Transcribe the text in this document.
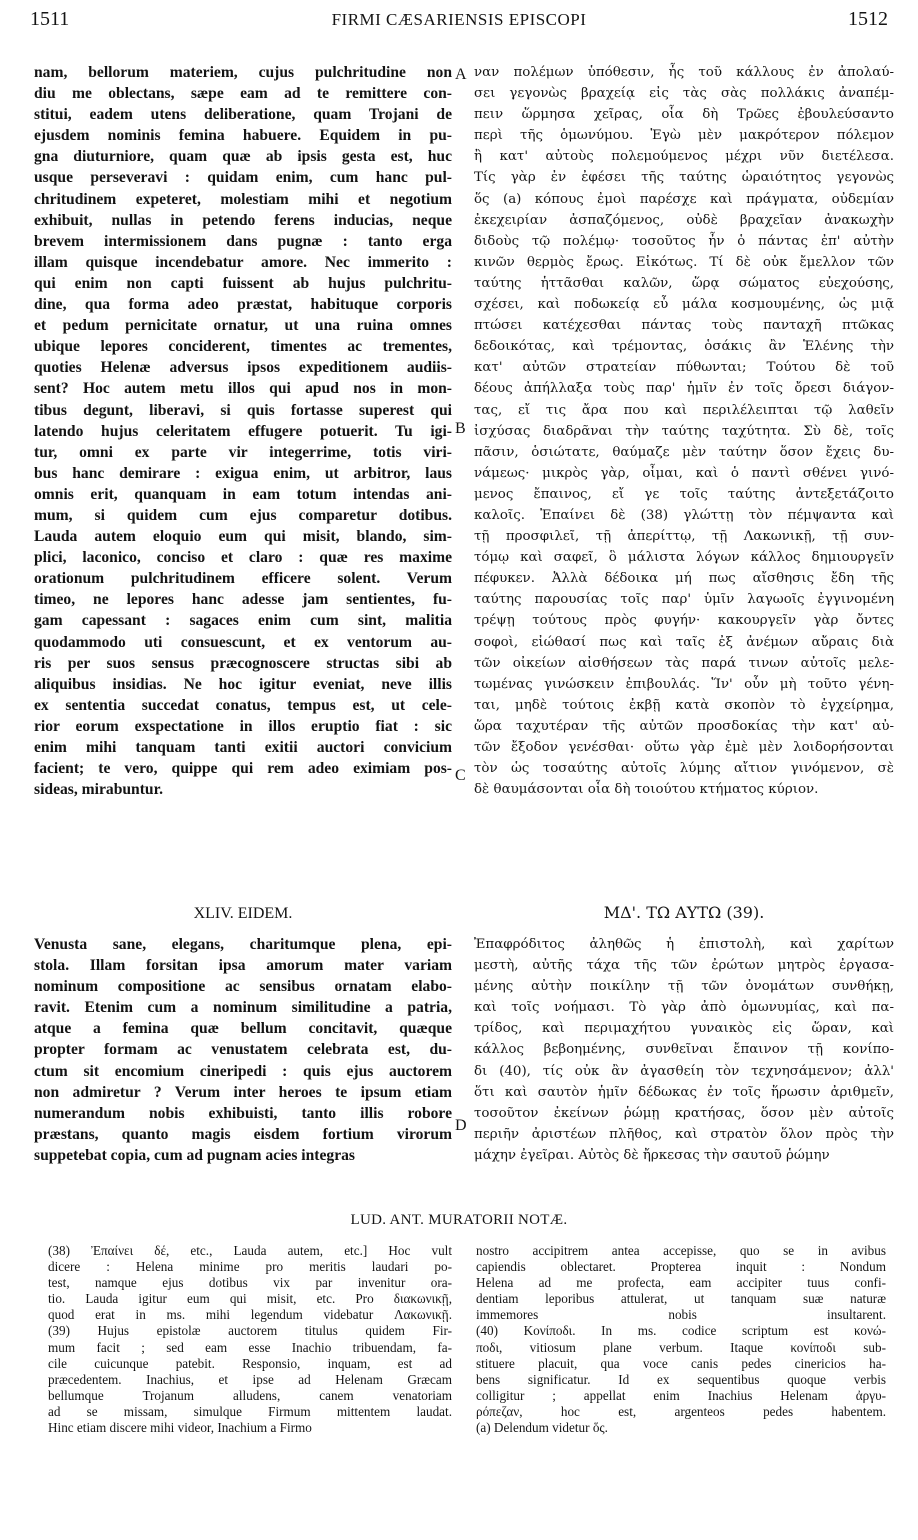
1511	FIRMI CÆSARIENSIS EPISCOPI	1512
nam, bellorum materiem, cujus pulchritudine non
diu me oblectans, sæpe eam ad te remittere con-
stitui, eadem utens deliberatione, quam Trojani de
ejusdem nominis femina habuere. Equidem in pu-
gna diuturniore, quam quæ ab ipsis gesta est, huc
usque perseveravi : quidam enim, cum hanc pul-
chritudinem expeteret, molestiam mihi et negotium
exhibuit, nullas in petendo ferens inducias, neque
brevem intermissionem dans pugnæ : tanto erga
illam quisque incendebatur amore. Nec immerito :
qui enim non capti fuissent ab hujus pulchritu-
dine, qua forma adeo præstat, habituque corporis
et pedum pernicitate ornatur, ut una ruina omnes
ubique lepores conciderent, timentes ac trementes,
quoties Helenæ adversus ipsos expeditionem audiis-
sent? Hoc autem metu illos qui apud nos in mon-
tibus degunt, liberavi, si quis fortasse superest qui
latendo hujus celeritatem effugere potuerit. Tu igi-
tur, omni ex parte vir integerrime, totis viri-
bus hanc demirare : exigua enim, ut arbitror, laus
omnis erit, quanquam in eam totum intendas ani-
mum, si quidem cum ejus comparetur dotibus.
Lauda autem eloquio eum qui misit, blando, sim-
plici, laconico, conciso et claro : quæ res maxime
orationum pulchritudinem efficere solent. Verum
timeo, ne lepores hanc adesse jam sentientes, fu-
gam capessant : sagaces enim cum sint, malitia
quodammodo uti consuescunt, et ex ventorum au-
ris per suos sensus præcognoscere structas sibi ab
aliquibus insidias. Ne hoc igitur eveniat, neve illis
ex sententia succedat conatus, tempus est, ut cele-
rior eorum exspectatione in illos eruptio fiat : sic
enim mihi tanquam tanti exitii auctori convicium
facient; te vero, quippe qui rem adeo eximiam pos-
sideas, mirabuntur.
XLIV. EIDEM.
Venusta sane, elegans, charitumque plena, epi-
stola. Illam forsitan ipsa amorum mater variam
nominum compositione ac sensibus ornatam elabo-
ravit. Etenim cum a nominum similitudine a patria,
atque a femina quæ bellum concitavit, quæque
propter formam ac venustatem celebrata est, du-
ctum sit encomium cineripedi : quis ejus auctorem
non admiretur ? Verum inter heroes te ipsum etiam
numerandum nobis exhibuisti, tanto illis robore
præstans, quanto magis eisdem fortium virorum
suppetebat copia, cum ad pugnam acies integras
ναν πολέμων ὑπόθεσιν, ἧς τοῦ κάλλους ἐν ἀπολαύ-
σει γεγονὼς βραχείᾳ εἰς τὰς σὰς πολλάκις ἀναπέμ-
πειν ὥρμησα χεῖρας, οἷα δὴ Τρῶες ἐβουλεύσαντο
περὶ τῆς ὁμωνύμου. Ἐγὼ μὲν μακρότερον πόλεμον
ἢ κατ' αὐτοὺς πολεμούμενος μέχρι νῦν διετέλεσα.
Τίς γὰρ ἐν ἐφέσει τῆς ταύτης ὡραιότητος γεγονὼς
ὅς (a) κόπους ἐμοὶ παρέσχε καὶ πράγματα, οὐδεμίαν
ἐκεχειρίαν ἀσπαζόμενος, οὐδὲ βραχεῖαν ἀνακωχὴν
διδοὺς τῷ πολέμῳ· τοσοῦτος ἦν ὁ πάντας ἐπ' αὐτὴν
κινῶν θερμὸς ἔρως. Εἰκότως. Τί δὲ οὐκ ἔμελλον τῶν
ταύτης ἡττᾶσθαι καλῶν, ὥρᾳ σώματος εὐεχούσης,
σχέσει, καὶ ποδωκείᾳ εὖ μάλα κοσμουμένης, ὡς μιᾷ
πτώσει κατέχεσθαι πάντας τοὺς πανταχῆ πτῶκας
δεδοικότας, καὶ τρέμοντας, ὁσάκις ἂν Ἑλένης τὴν
κατ' αὐτῶν στρατείαν πύθωνται; Τούτου δὲ τοῦ
δέους ἀπήλλαξα τοὺς παρ' ἡμῖν ἐν τοῖς ὄρεσι διάγον-
τας, εἴ τις ἄρα που καὶ περιλέλειπται τῷ λαθεῖν
ἰσχύσας διαδρᾶναι τὴν ταύτης ταχύτητα. Σὺ δὲ, τοῖς
πᾶσιν, ὁσιώτατε, θαύμαζε μὲν ταύτην ὅσον ἔχεις δυ-
νάμεως· μικρὸς γὰρ, οἶμαι, καὶ ὁ παντὶ σθένει γινό-
μενος ἔπαινος, εἴ γε τοῖς ταύτης ἀντεξετάζοιτο
καλοῖς. Ἐπαίνει δὲ (38) γλώττῃ τὸν πέμψαντα καὶ
τῇ προσφιλεῖ, τῇ ἀπερίττῳ, τῇ Λακωνικῇ, τῇ συν-
τόμῳ καὶ σαφεῖ, ὃ μάλιστα λόγων κάλλος δημιουργεῖν
πέφυκεν. Ἀλλὰ δέδοικα μή πως αἴσθησις ἔδη τῆς
ταύτης παρουσίας τοῖς παρ' ὑμῖν λαγωοῖς ἐγγινομένη
τρέψῃ τούτους πρὸς φυγήν· κακουργεῖν γὰρ ὄντες
σοφοὶ, εἰώθασί πως καὶ ταῖς ἐξ ἀνέμων αὔραις διὰ
τῶν οἰκείων αἰσθήσεων τὰς παρά τινων αὐτοῖς μελε-
τωμένας γινώσκειν ἐπιβουλάς. Ἵν' οὖν μὴ τοῦτο γένη-
ται, μηδὲ τούτοις ἐκβῇ κατὰ σκοπὸν τὸ ἐγχείρημα,
ὥρα ταχυτέραν τῆς αὐτῶν προσδοκίας τὴν κατ' αὐ-
τῶν ἔξοδον γενέσθαι· οὕτω γὰρ ἐμὲ μὲν λοιδορήσονται
τὸν ὡς τοσαύτης αὐτοῖς λύμης αἴτιον γινόμενον, σὲ
δὲ θαυμάσονται οἷα δὴ τοιούτου κτήματος κύριον.
ΜΔ'. ΤΩ ΑΥΤΩ (39).
Ἐπαφρόδιτος ἀληθῶς ἡ ἐπιστολὴ, καὶ χαρίτων
μεστὴ, αὐτῆς τάχα τῆς τῶν ἐρώτων μητρὸς ἐργασα-
μένης αὐτὴν ποικίλην τῇ τῶν ὀνομάτων συνθήκῃ,
καὶ τοῖς νοήμασι. Τὸ γὰρ ἀπὸ ὁμωνυμίας, καὶ πα-
τρίδος, καὶ περιμαχήτου γυναικὸς εἰς ὥραν, καὶ
κάλλος βεβοημένης, συνθεῖναι ἔπαινον τῇ κονίπο-
δι (40), τίς οὐκ ἂν ἀγασθείη τὸν τεχνησάμενον; ἀλλ'
ὅτι καὶ σαυτὸν ἡμῖν δέδωκας ἐν τοῖς ἥρωσιν ἀριθμεῖν,
τοσοῦτον ἐκείνων ῥώμῃ κρατήσας, ὅσον μὲν αὐτοῖς
περιῆν ἀριστέων πλῆθος, καὶ στρατὸν ὅλον πρὸς τὴν
μάχην ἐγεῖραι. Αὐτὸς δὲ ἤρκεσας τὴν σαυτοῦ ῥώμην
A
B
C
D
LUD. ANT. MURATORII NOTÆ.
(38) Ἐπαίνει δέ, etc., Lauda autem, etc.] Hoc vult
dicere : Helena minime pro meritis laudari po-
test, namque ejus dotibus vix par invenitur ora-
tio. Lauda igitur eum qui misit, etc. Pro διακωνικῇ,
quod erat in ms. mihi legendum videbatur Λακωνικῇ.
(39) Hujus epistolæ auctorem titulus quidem Fir-
mum facit ; sed eam esse Inachio tribuendam, fa-
cile cuicunque patebit. Responsio, inquam, est ad
præcedentem. Inachius, et ipse ad Helenam Græcam
bellumque Trojanum alludens, canem venatoriam
ad se missam, simulque Firmum mittentem laudat.
Hinc etiam discere mihi videor, Inachium a Firmo
nostro accipitrem antea accepisse, quo se in avibus
capiendis oblectaret. Propterea inquit : Nondum
Helena ad me profecta, eam accipiter tuus confi-
dentiam leporibus attulerat, ut tanquam suæ naturæ
immemores nobis insultarent.
(40) Κονίποδι. In ms. codice scriptum est κονώ-
ποδι, vitiosum plane verbum. Itaque κονίποδι sub-
stituere placuit, qua voce canis pedes cinericios ha-
bens significatur. Id ex sequentibus quoque verbis
colligitur ; appellat enim Inachius Helenam ἀργυ-
ρόπεζαν, hoc est, argenteos pedes habentem.
(a) Delendum videtur ὅς.
